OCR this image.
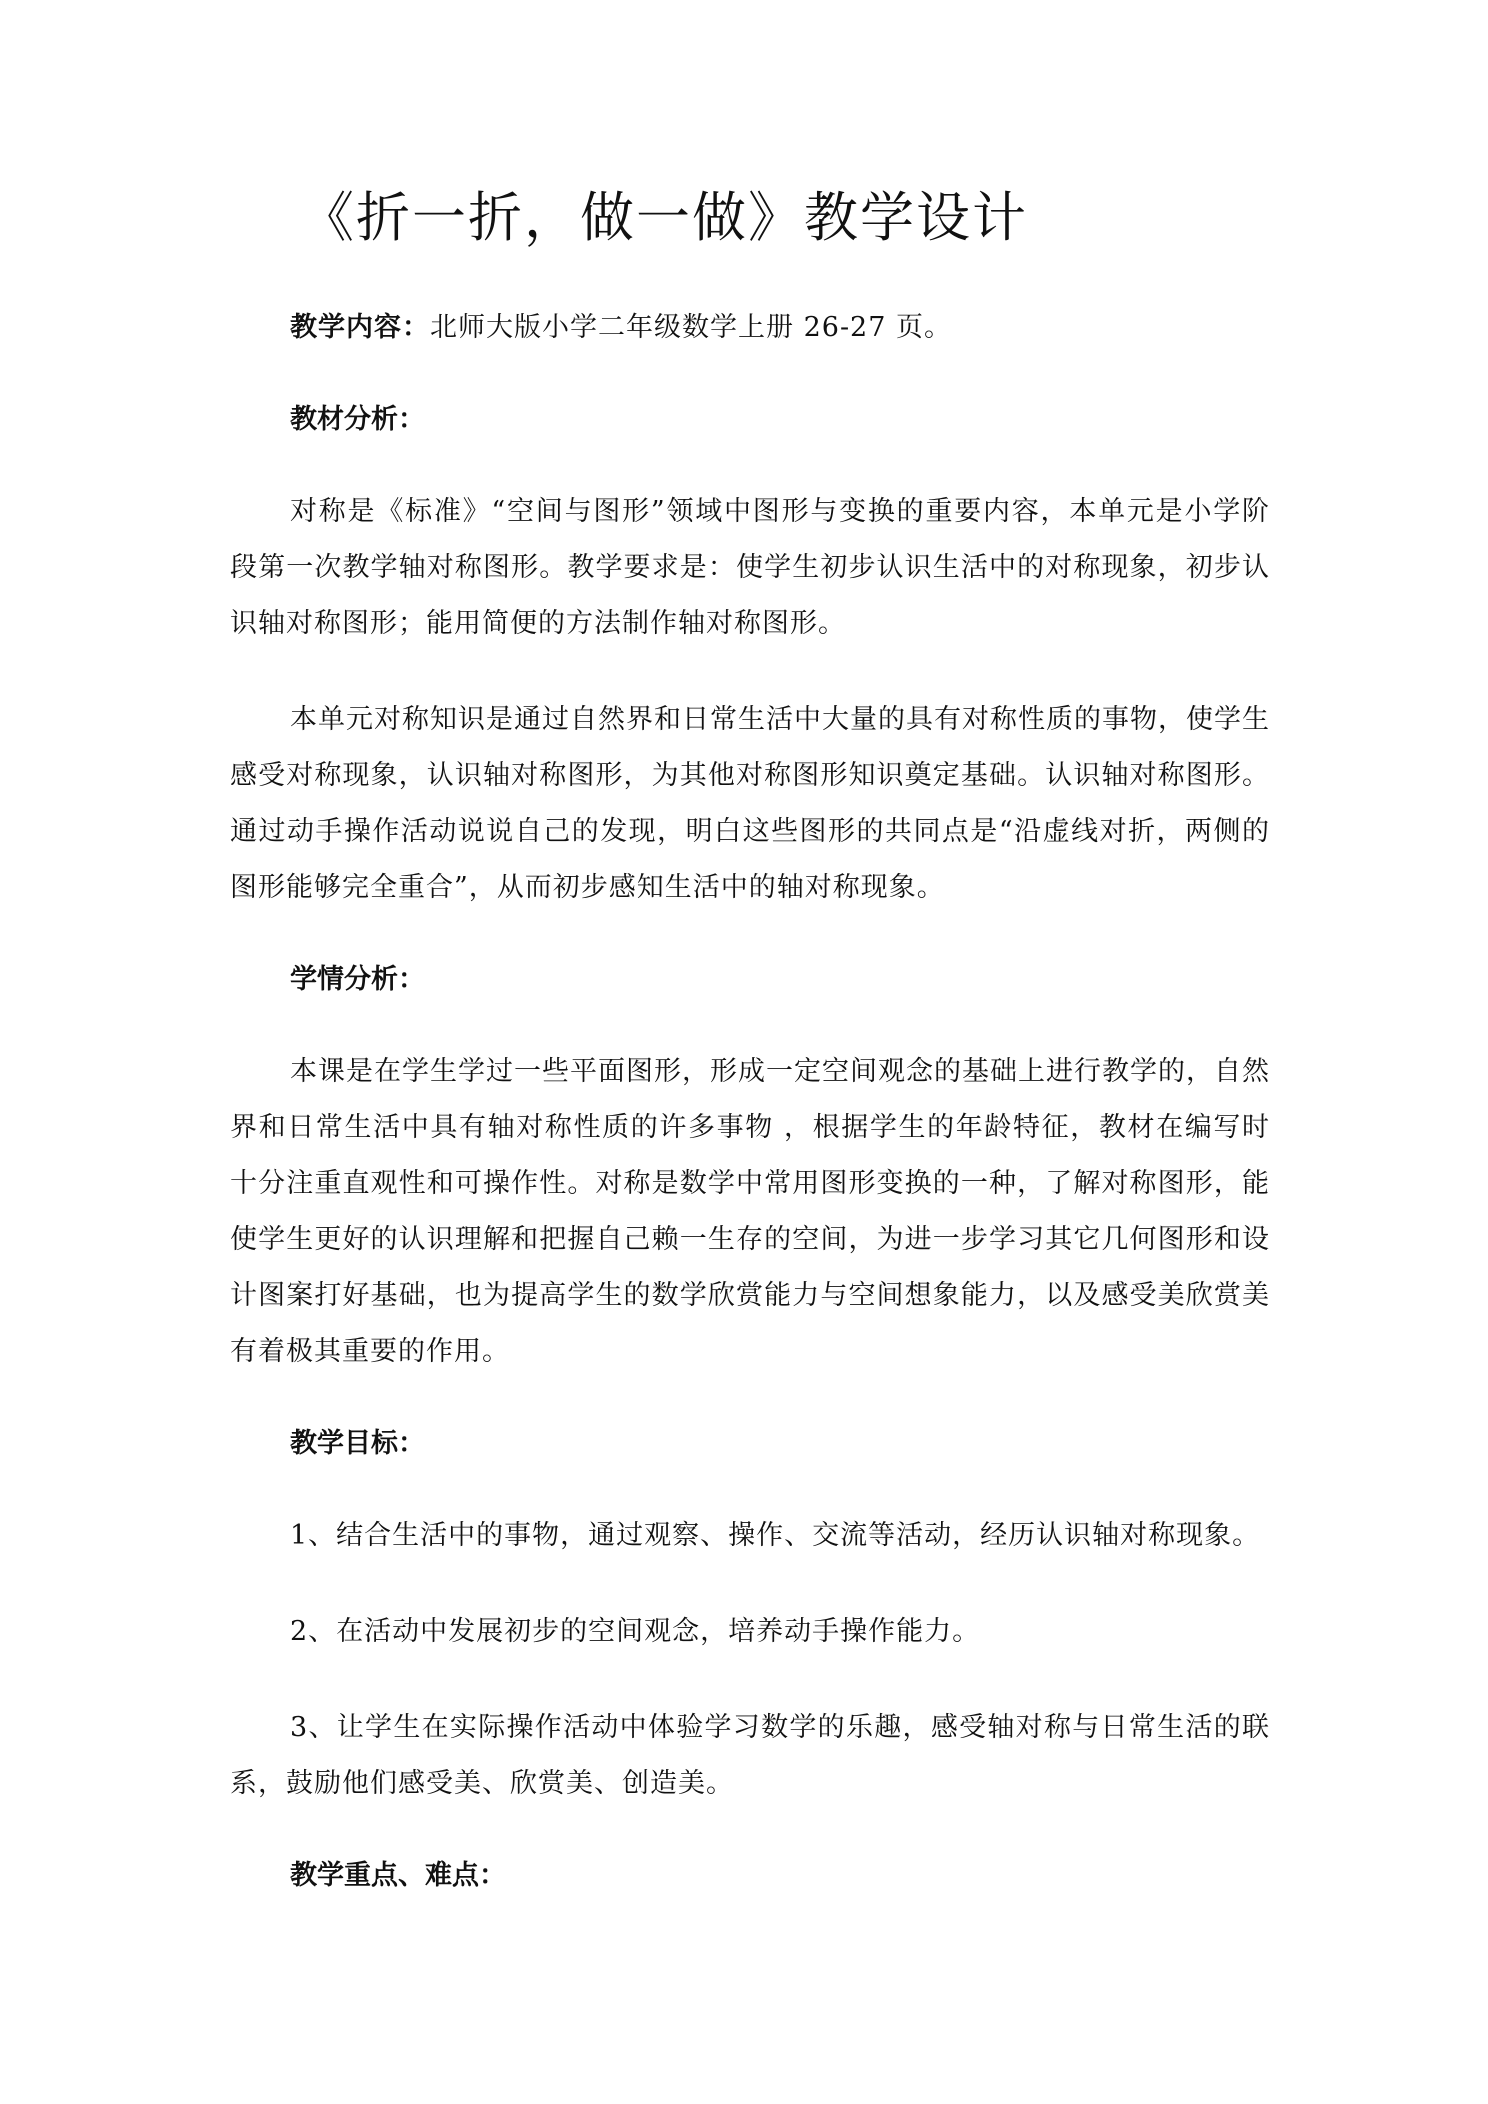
《折一折，做一做》教学设计

教学内容：北师大版小学二年级数学上册 26-27 页。

教材分析：

对称是《标准》“空间与图形”领域中图形与变换的重要内容，本单元是小学阶段第一次教学轴对称图形。教学要求是：使学生初步认识生活中的对称现象，初步认识轴对称图形；能用简便的方法制作轴对称图形。

本单元对称知识是通过自然界和日常生活中大量的具有对称性质的事物，使学生感受对称现象，认识轴对称图形，为其他对称图形知识奠定基础。认识轴对称图形。通过动手操作活动说说自己的发现，明白这些图形的共同点是“沿虚线对折，两侧的图形能够完全重合”，从而初步感知生活中的轴对称现象。

学情分析：

本课是在学生学过一些平面图形，形成一定空间观念的基础上进行教学的，自然界和日常生活中具有轴对称性质的许多事物 ，根据学生的年龄特征，教材在编写时十分注重直观性和可操作性。对称是数学中常用图形变换的一种，了解对称图形，能使学生更好的认识理解和把握自己赖一生存的空间，为进一步学习其它几何图形和设计图案打好基础，也为提高学生的数学欣赏能力与空间想象能力，以及感受美欣赏美有着极其重要的作用。

教学目标：

1、结合生活中的事物，通过观察、操作、交流等活动，经历认识轴对称现象。

2、在活动中发展初步的空间观念，培养动手操作能力。

3、让学生在实际操作活动中体验学习数学的乐趣，感受轴对称与日常生活的联系，鼓励他们感受美、欣赏美、创造美。

教学重点、难点：
